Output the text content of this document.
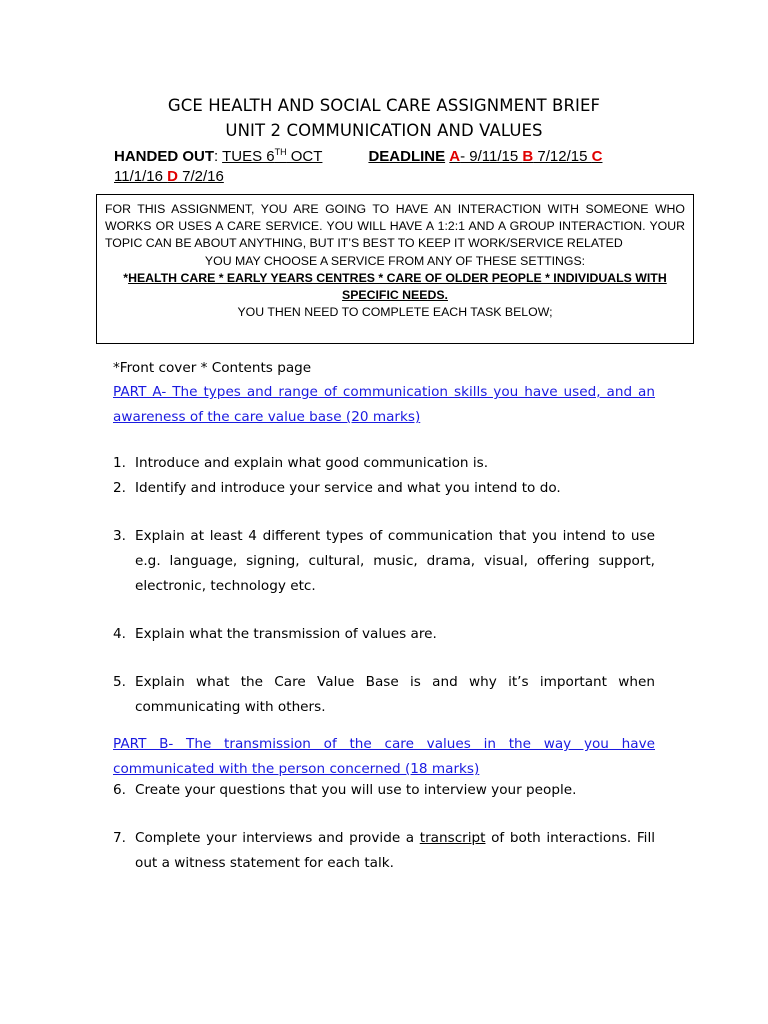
GCE HEALTH AND SOCIAL CARE ASSIGNMENT BRIEF
UNIT 2 COMMUNICATION AND VALUES
HANDED OUT: TUES 6TH OCT	DEADLINE A- 9/11/15 B 7/12/15 C
11/1/16 D 7/2/16
FOR THIS ASSIGNMENT, YOU ARE GOING TO HAVE AN INTERACTION WITH SOMEONE WHO WORKS OR USES A CARE SERVICE. YOU WILL HAVE A 1:2:1 AND A GROUP INTERACTION. YOUR TOPIC CAN BE ABOUT ANYTHING, BUT IT’S BEST TO KEEP IT WORK/SERVICE RELATED
YOU MAY CHOOSE A SERVICE FROM ANY OF THESE SETTINGS:
*HEALTH CARE * EARLY YEARS CENTRES * CARE OF OLDER PEOPLE * INDIVIDUALS WITH SPECIFIC NEEDS.
YOU THEN NEED TO COMPLETE EACH TASK BELOW;
*Front cover * Contents page
PART A- The types and range of communication skills you have used, and an awareness of the care value base (20 marks)
1. Introduce and explain what good communication is.
2. Identify and introduce your service and what you intend to do.
3. Explain at least 4 different types of communication that you intend to use e.g. language, signing, cultural, music, drama, visual, offering support, electronic, technology etc.
4. Explain what the transmission of values are.
5. Explain what the Care Value Base is and why it’s important when communicating with others.
PART B- The transmission of the care values in the way you have communicated with the person concerned (18 marks)
6. Create your questions that you will use to interview your people.
7. Complete your interviews and provide a transcript of both interactions. Fill out a witness statement for each talk.
